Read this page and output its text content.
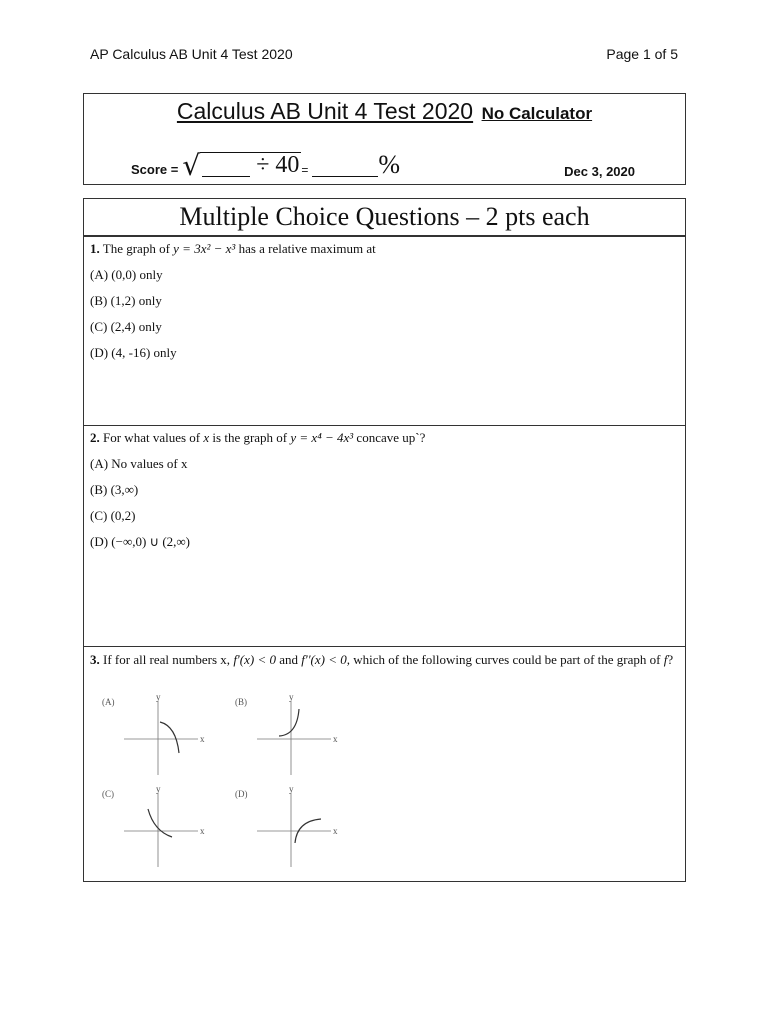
AP Calculus AB Unit 4 Test 2020	Page 1 of 5
Calculus AB Unit 4 Test 2020 No Calculator
Score = √	÷ 40 =	%	Dec 3, 2020
Multiple Choice Questions – 2 pts each
1. The graph of y = 3x² − x³ has a relative maximum at
(A) (0,0) only
(B) (1,2) only
(C) (2,4) only
(D) (4, -16) only
2. For what values of x is the graph of y = x⁴ − 4x³ concave up`?
(A) No values of x
(B) (3,∞)
(C) (0,2)
(D) (−∞,0) ∪ (2,∞)
3. If for all real numbers x, f′(x) < 0 and f′′(x) < 0, which of the following curves could be part of the graph of f?
(A)
x
y	(B)
x
y
(C)
x
y	(D)
x
y
